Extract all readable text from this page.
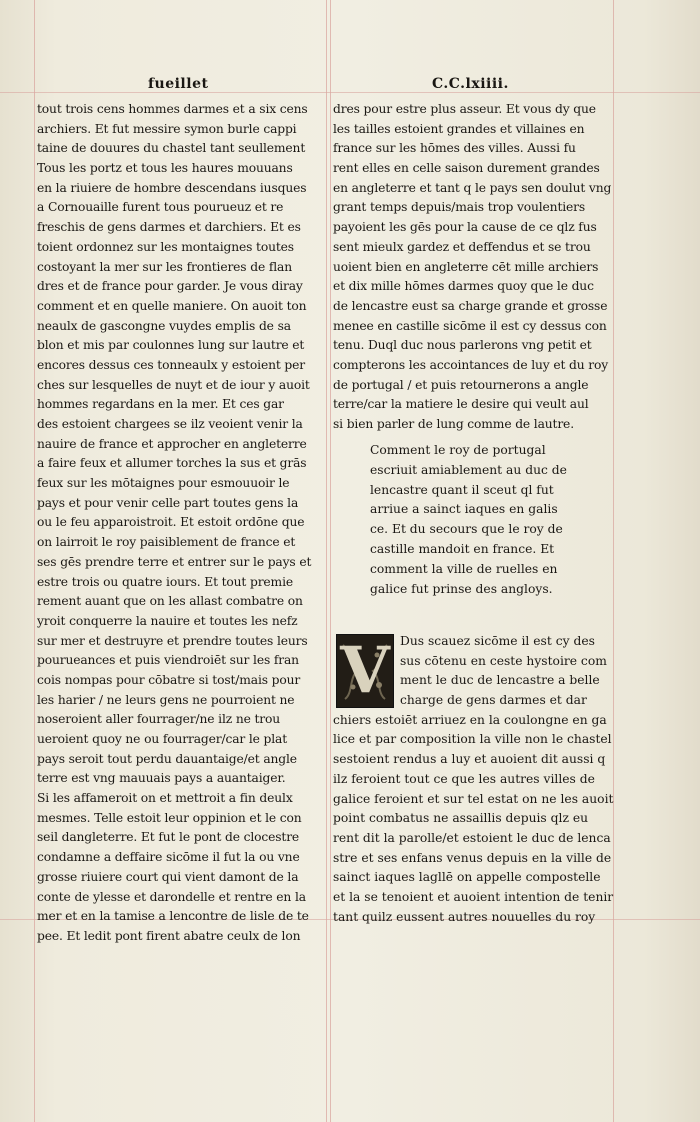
fueillet	C.C.lxiiii.
tout trois cens hommes darmes et a six cens
archiers. Et fut messire symon burle cappi
taine de douures du chastel tant seullement
Tous les portz et tous les haures mouuans
en la riuiere de hombre descendans iusques
a Cornouaille furent tous pourueuz et re
freschis de gens darmes et darchiers. Et es
toient ordonnez sur les montaignes toutes
costoyant la mer sur les frontieres de flan
dres et de france pour garder. Je vous diray
comment et en quelle maniere. On auoit ton
neaulx de gascongne vuydes emplis de sa
blon et mis par coulonnes lung sur lautre et
encores dessus ces tonneaulx y estoient per
ches sur lesquelles de nuyt et de iour y auoit
hommes regardans en la mer. Et ces gar
des estoient chargees se ilz veoient venir la
nauire de france et approcher en angleterre
a faire feux et allumer torches la sus et grās
feux sur les mōtaignes pour esmouuoir le
pays et pour venir celle part toutes gens la
ou le feu apparoistroit. Et estoit ordōne que
on lairroit le roy paisiblement de france et
ses gēs prendre terre et entrer sur le pays et
estre trois ou quatre iours. Et tout premie
rement auant que on les allast combatre on
yroit conquerre la nauire et toutes les nefz
sur mer et destruyre et prendre toutes leurs
pourueances et puis viendroiēt sur les fran
cois nompas pour cōbatre si tost/mais pour
les harier / ne leurs gens ne pourroient ne
noseroient aller fourrager/ne ilz ne trou
ueroient quoy ne ou fourrager/car le plat
pays seroit tout perdu dauantaige/et angle
terre est vng mauuais pays a auantaiger.
Si les affameroit on et mettroit a fin deulx
mesmes. Telle estoit leur oppinion et le con
seil dangleterre. Et fut le pont de clocestre
condamne a deffaire sicōme il fut la ou vne
grosse riuiere court qui vient damont de la
conte de ylesse et darondelle et rentre en la
mer et en la tamise a lencontre de lisle de te
pee. Et ledit pont firent abatre ceulx de lon
dres pour estre plus asseur. Et vous dy que
les tailles estoient grandes et villaines en
france sur les hōmes des villes. Aussi fu
rent elles en celle saison durement grandes
en angleterre et tant q le pays sen doulut vng
grant temps depuis/mais trop voulentiers
payoient les gēs pour la cause de ce qlz fus
sent mieulx gardez et deffendus et se trou
uoient bien en angleterre cēt mille archiers
et dix mille hōmes darmes quoy que le duc
de lencastre eust sa charge grande et grosse
menee en castille sicōme il est cy dessus con
tenu. Duql duc nous parlerons vng petit et
compterons les accointances de luy et du roy
de portugal / et puis retournerons a angle
terre/car la matiere le desire qui veult aul
si bien parler de lung comme de lautre.
Comment le roy de portugal
escriuit amiablement au duc de
lencastre quant il sceut ql fut
arriue a sainct iaques en galis
ce. Et du secours que le roy de
castille mandoit en france. Et
comment la ville de ruelles en
galice fut prinse des angloys.
V Dus scauez sicōme il est cy des
sus cōtenu en ceste hystoire com
ment le duc de lencastre a belle
charge de gens darmes et dar
chiers estoiēt arriuez en la coulongne en ga
lice et par composition la ville non le chastel
sestoient rendus a luy et auoient dit aussi q
ilz feroient tout ce que les autres villes de
galice feroient et sur tel estat on ne les auoit
point combatus ne assaillis depuis qlz eu
rent dit la parolle/et estoient le duc de lenca
stre et ses enfans venus depuis en la ville de
sainct iaques lagllē on appelle compostelle
et la se tenoient et auoient intention de tenir
tant quilz eussent autres nouuelles du roy
